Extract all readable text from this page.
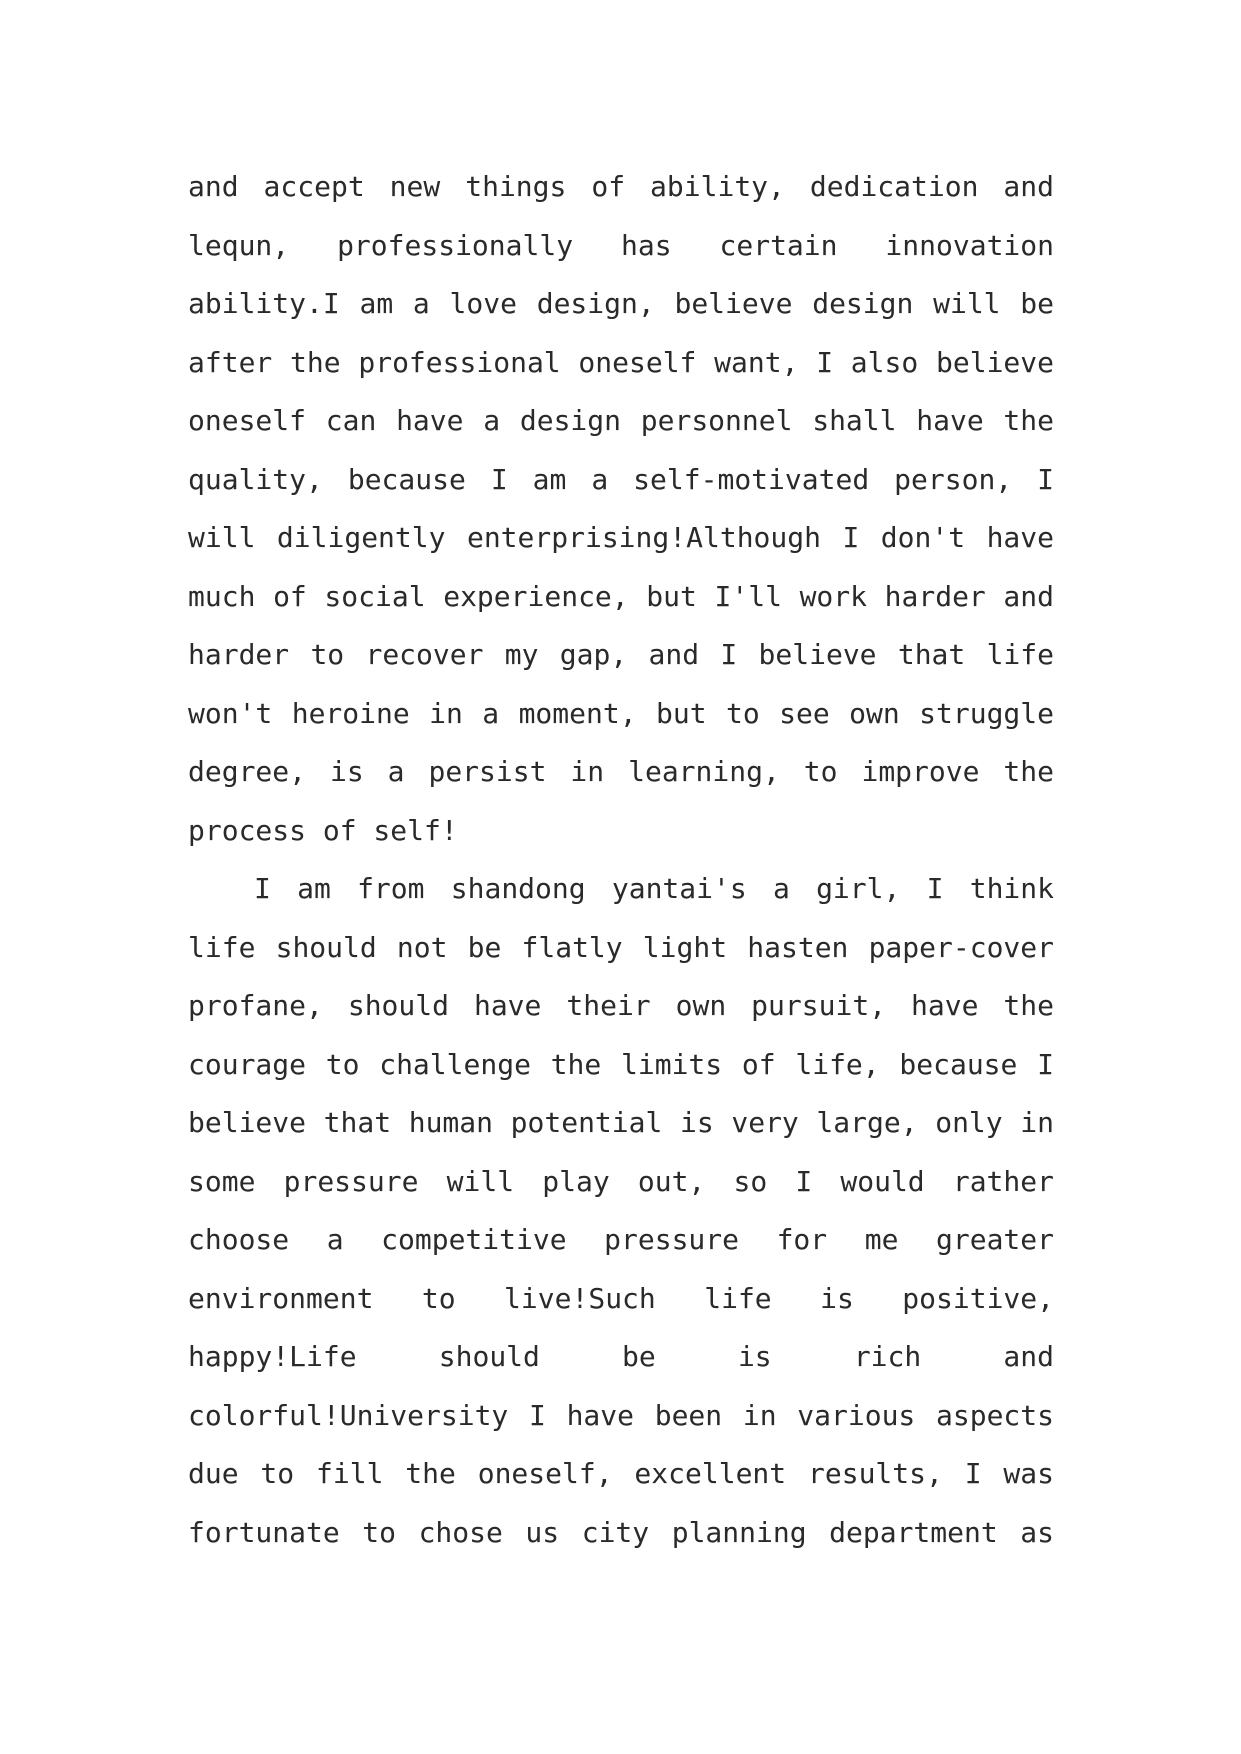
and accept new things of ability, dedication and
lequn, professionally has certain innovation
ability.I am a love design, believe design will be
after the professional oneself want, I also believe
oneself can have a design personnel shall have the
quality, because I am a self-motivated person, I
will diligently enterprising!Although I don't have
much of social experience, but I'll work harder and
harder to recover my gap, and I believe that life
won't heroine in a moment, but to see own struggle
degree, is a persist in learning, to improve the
process of self!
I am from shandong yantai's a girl, I think
life should not be flatly light hasten paper-cover
profane, should have their own pursuit, have the
courage to challenge the limits of life, because I
believe that human potential is very large, only in
some pressure will play out, so I would rather
choose a competitive pressure for me greater
environment to live!Such life is positive,
happy!Life should be is rich and
colorful!University I have been in various aspects
due to fill the oneself, excellent results, I was
fortunate to chose us city planning department as
